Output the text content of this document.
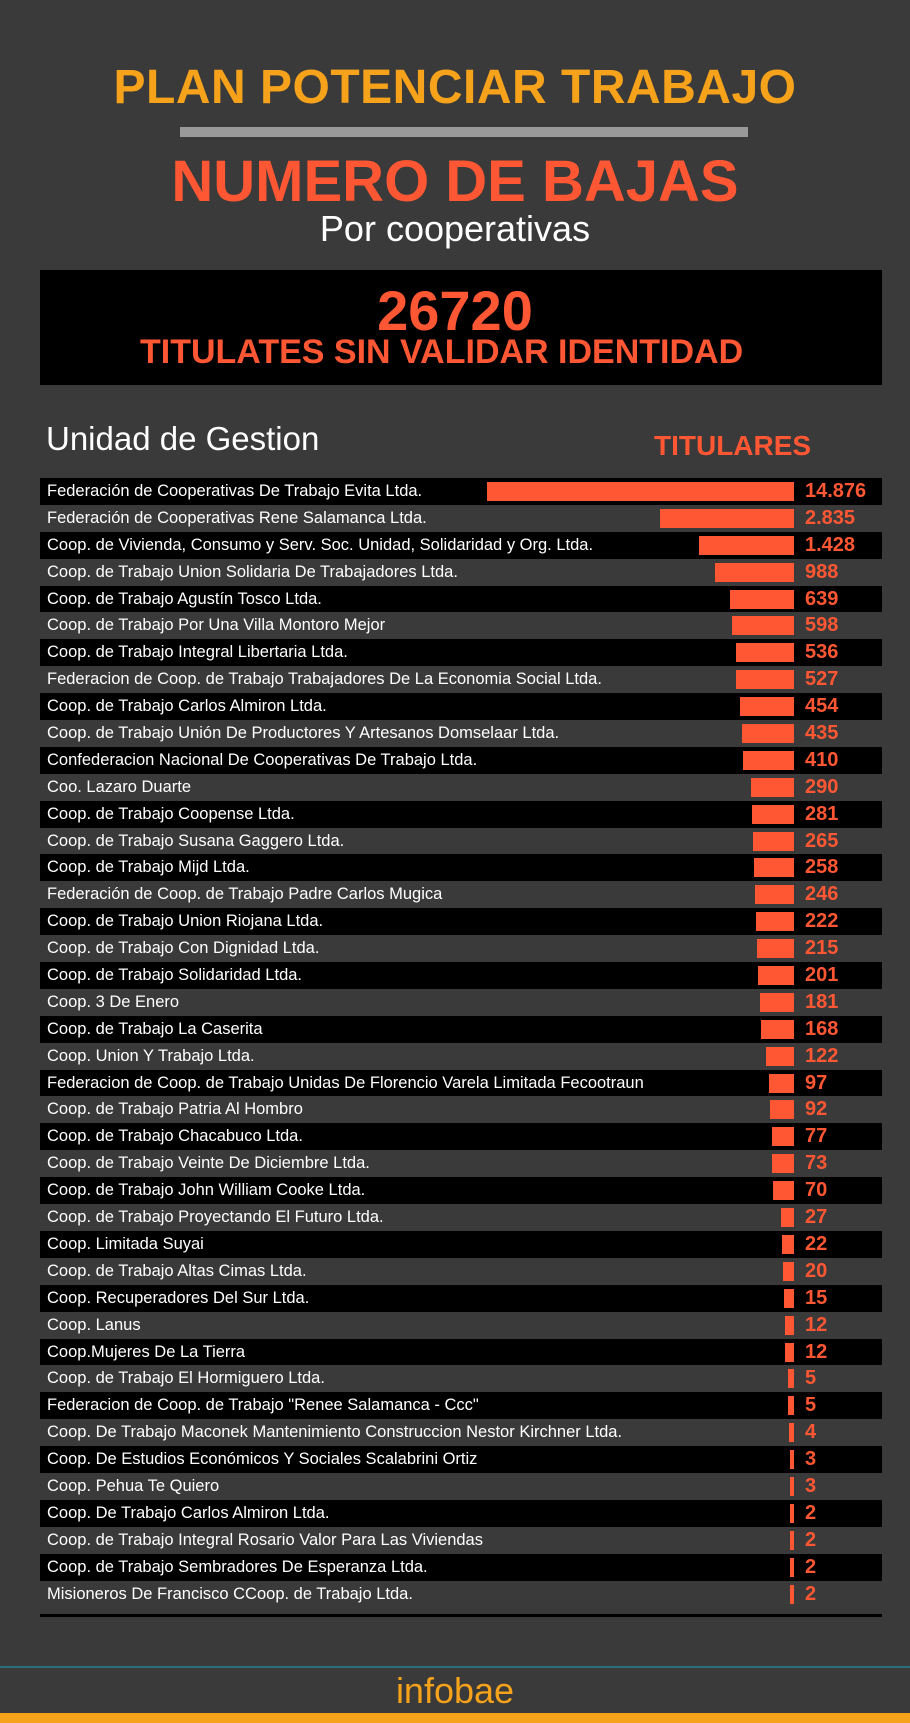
PLAN POTENCIAR TRABAJO
NUMERO DE BAJAS
Por cooperativas
26720
TITULATES SIN VALIDAR IDENTIDAD
Unidad de Gestion	TITULARES
Federación de Cooperativas De Trabajo Evita Ltda.	14.876
Federación de Cooperativas Rene Salamanca Ltda.	2.835
Coop. de Vivienda, Consumo y Serv. Soc. Unidad, Solidaridad y Org. Ltda.	1.428
Coop. de Trabajo Union Solidaria De Trabajadores Ltda.	988
Coop. de Trabajo Agustín Tosco Ltda.	639
Coop. de Trabajo Por Una Villa Montoro Mejor	598
Coop. de Trabajo Integral Libertaria Ltda.	536
Federacion de Coop. de Trabajo Trabajadores De La Economia Social Ltda.	527
Coop. de Trabajo Carlos Almiron Ltda.	454
Coop. de Trabajo Unión De Productores Y Artesanos Domselaar Ltda.	435
Confederacion Nacional De Cooperativas De Trabajo Ltda.	410
Coo. Lazaro Duarte	290
Coop. de Trabajo Coopense Ltda.	281
Coop. de Trabajo Susana Gaggero Ltda.	265
Coop. de Trabajo Mijd Ltda.	258
Federación de Coop. de Trabajo Padre Carlos Mugica	246
Coop. de Trabajo Union Riojana Ltda.	222
Coop. de Trabajo Con Dignidad Ltda.	215
Coop. de Trabajo Solidaridad Ltda.	201
Coop. 3 De Enero	181
Coop. de Trabajo La Caserita	168
Coop. Union Y Trabajo Ltda.	122
Federacion de Coop. de Trabajo Unidas De Florencio Varela Limitada Fecootraun	97
Coop. de Trabajo Patria Al Hombro	92
Coop. de Trabajo Chacabuco Ltda.	77
Coop. de Trabajo Veinte De Diciembre Ltda.	73
Coop. de Trabajo John William Cooke Ltda.	70
Coop. de Trabajo Proyectando El Futuro Ltda.	27
Coop. Limitada Suyai	22
Coop. de Trabajo Altas Cimas Ltda.	20
Coop. Recuperadores Del Sur Ltda.	15
Coop. Lanus	12
Coop.Mujeres De La Tierra	12
Coop. de Trabajo El Hormiguero Ltda.	5
Federacion de Coop. de Trabajo "Renee Salamanca - Ccc"	5
Coop. De Trabajo Maconek Mantenimiento Construccion Nestor Kirchner Ltda.	4
Coop. De Estudios Económicos Y Sociales Scalabrini Ortiz	3
Coop. Pehua Te Quiero	3
Coop. De Trabajo Carlos Almiron Ltda.	2
Coop. de Trabajo Integral Rosario Valor Para Las Viviendas	2
Coop. de Trabajo Sembradores De Esperanza Ltda.	2
Misioneros De Francisco CCoop. de Trabajo Ltda.	2
infobae
